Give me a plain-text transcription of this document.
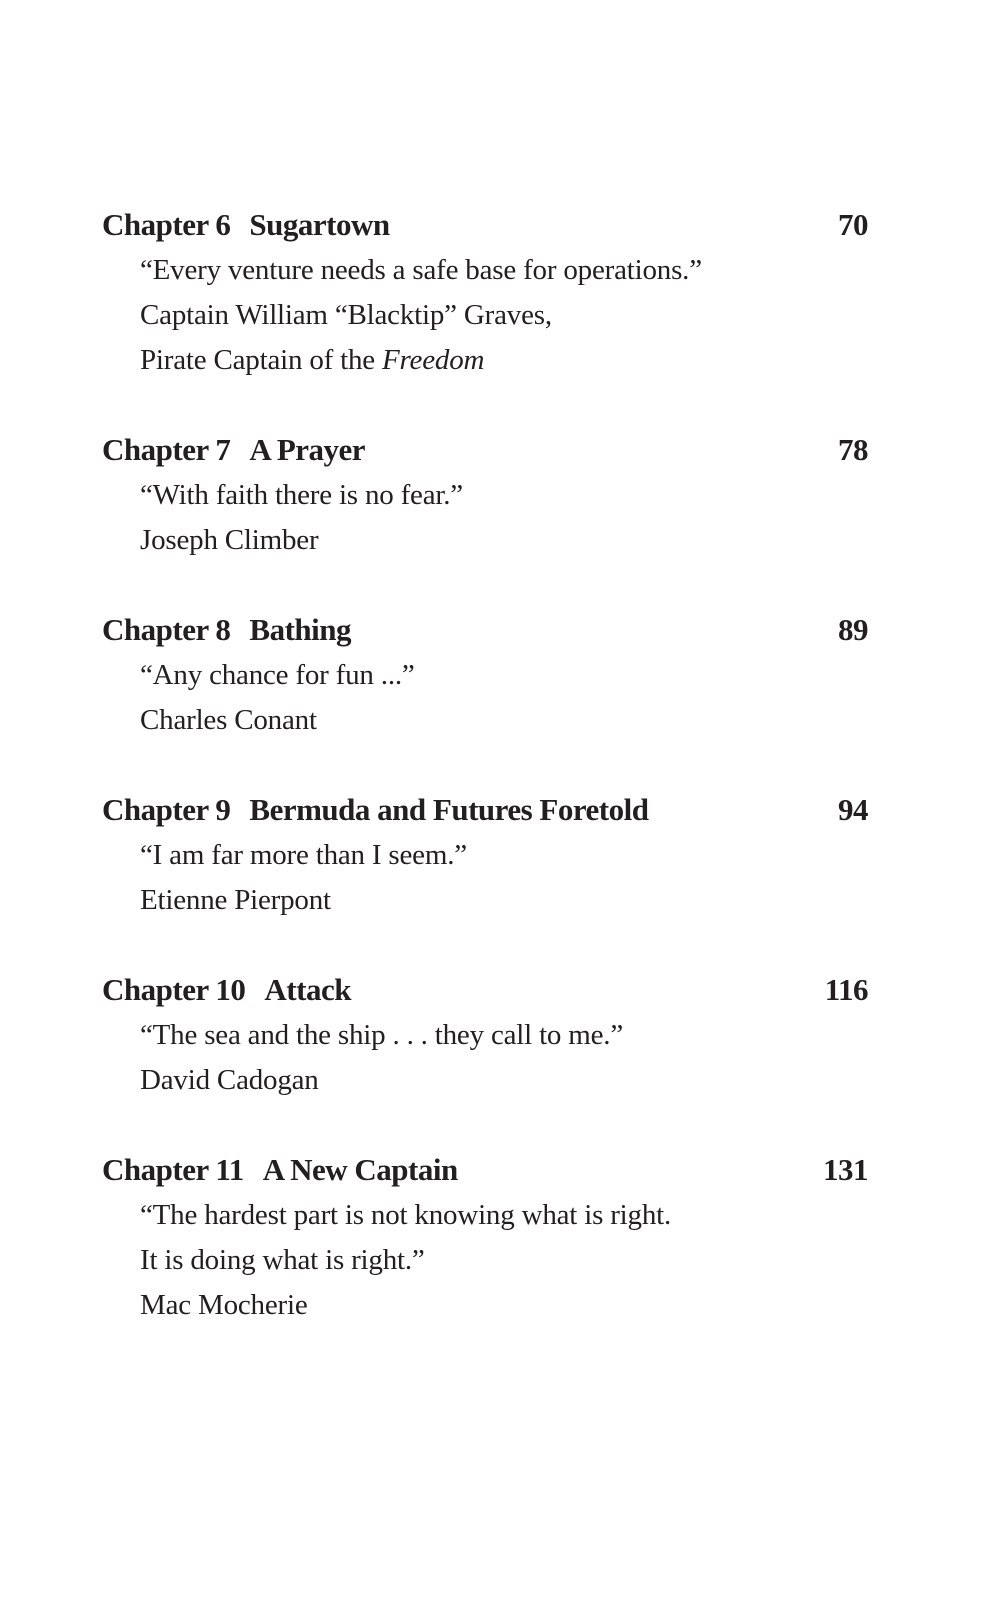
Chapter 6 Sugartown	70
“Every venture needs a safe base for operations.”
Captain William “Blacktip” Graves,
Pirate Captain of the Freedom
Chapter 7 A Prayer	78
“With faith there is no fear.”
Joseph Climber
Chapter 8 Bathing	89
“Any chance for fun ...”
Charles Conant
Chapter 9 Bermuda and Futures Foretold	94
“I am far more than I seem.”
Etienne Pierpont
Chapter 10 Attack	116
“The sea and the ship . . . they call to me.”
David Cadogan
Chapter 11 A New Captain	131
“The hardest part is not knowing what is right.
It is doing what is right.”
Mac Mocherie
